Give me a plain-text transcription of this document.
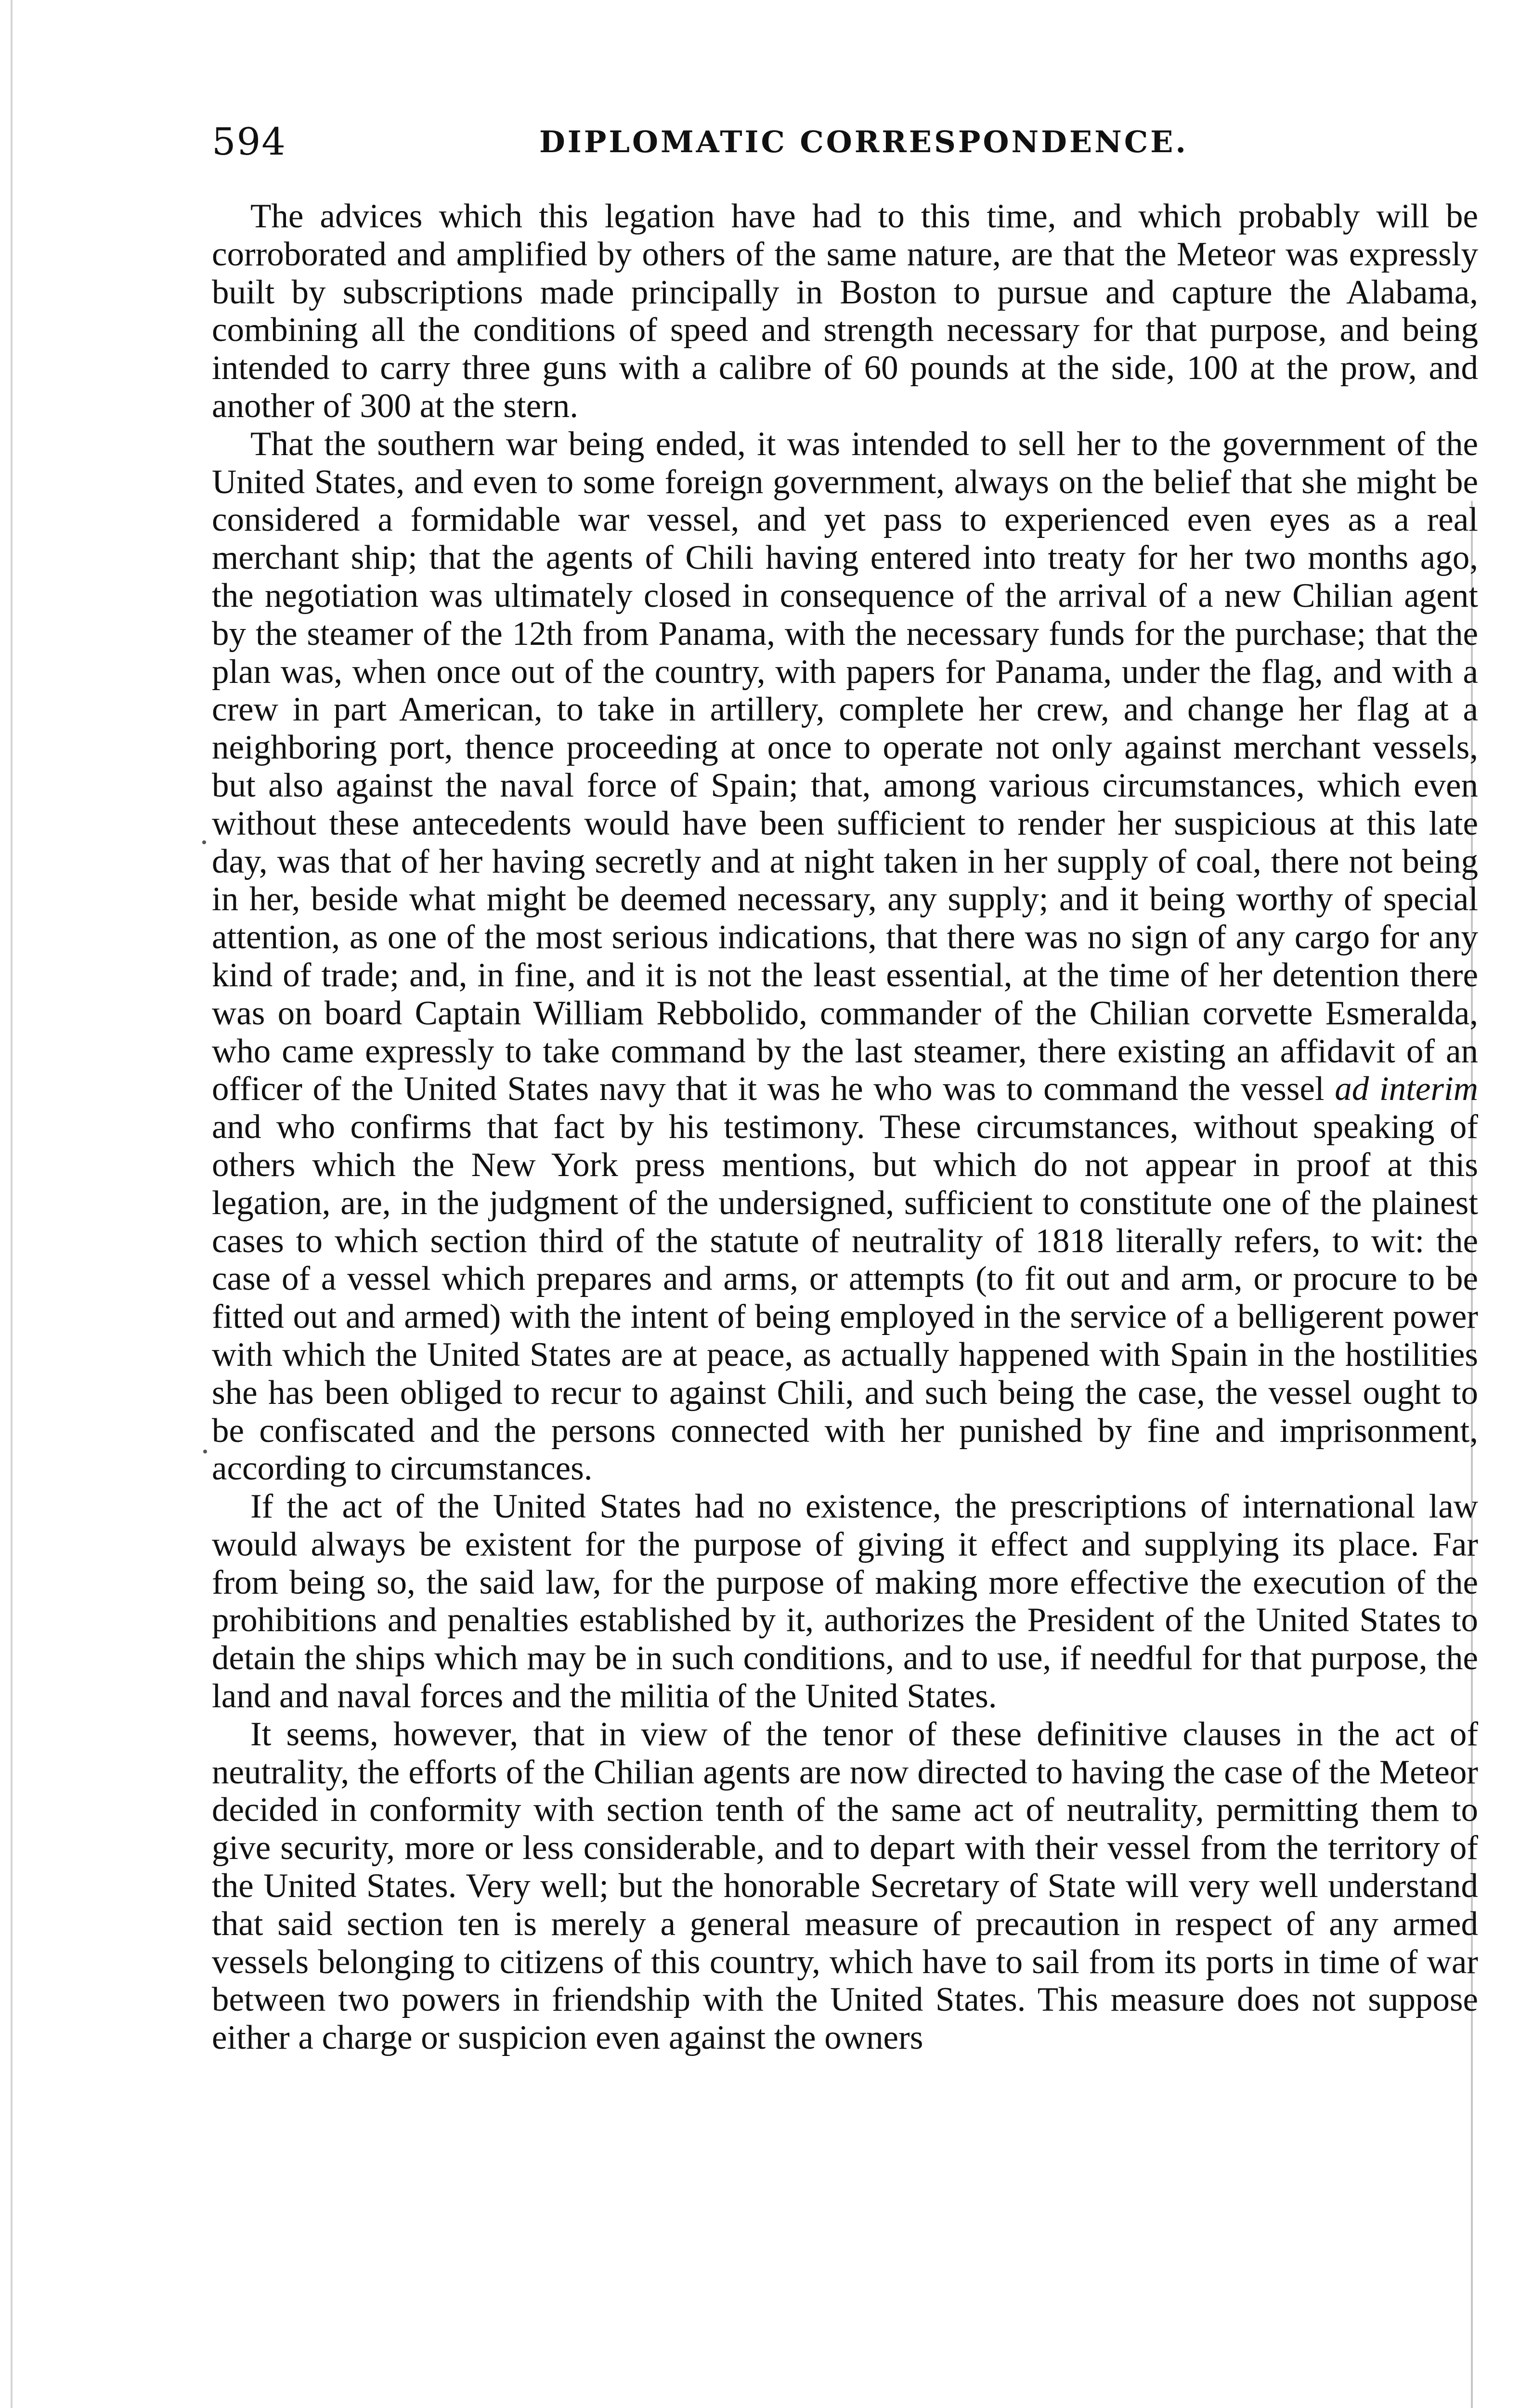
594	DIPLOMATIC CORRESPONDENCE.

The advices which this legation have had to this time, and which probably will be corroborated and amplified by others of the same nature, are that the Meteor was expressly built by subscriptions made principally in Boston to pursue and capture the Alabama, combining all the conditions of speed and strength necessary for that purpose, and being intended to carry three guns with a calibre of 60 pounds at the side, 100 at the prow, and another of 300 at the stern.

That the southern war being ended, it was intended to sell her to the government of the United States, and even to some foreign government, always on the belief that she might be considered a formidable war vessel, and yet pass to experienced even eyes as a real merchant ship; that the agents of Chili having entered into treaty for her two months ago, the negotiation was ultimately closed in consequence of the arrival of a new Chilian agent by the steamer of the 12th from Panama, with the necessary funds for the purchase; that the plan was, when once out of the country, with papers for Panama, under the flag, and with a crew in part American, to take in artillery, complete her crew, and change her flag at a neighboring port, thence proceeding at once to operate not only against merchant vessels, but also against the naval force of Spain; that, among various circumstances, which even without these antecedents would have been sufficient to render her suspicious at this late day, was that of her having secretly and at night taken in her supply of coal, there not being in her, beside what might be deemed necessary, any supply; and it being worthy of special attention, as one of the most serious indications, that there was no sign of any cargo for any kind of trade; and, in fine, and it is not the least essential, at the time of her detention there was on board Captain William Rebbolido, commander of the Chilian corvette Esmeralda, who came expressly to take command by the last steamer, there existing an affidavit of an officer of the United States navy that it was he who was to command the vessel ad interim and who confirms that fact by his testimony. These circumstances, without speaking of others which the New York press mentions, but which do not appear in proof at this legation, are, in the judgment of the undersigned, sufficient to constitute one of the plainest cases to which section third of the statute of neutrality of 1818 literally refers, to wit: the case of a vessel which prepares and arms, or attempts (to fit out and arm, or procure to be fitted out and armed) with the intent of being employed in the service of a belligerent power with which the United States are at peace, as actually happened with Spain in the hostilities she has been obliged to recur to against Chili, and such being the case, the vessel ought to be confiscated and the persons connected with her punished by fine and imprisonment, according to circumstances.

If the act of the United States had no existence, the prescriptions of international law would always be existent for the purpose of giving it effect and supplying its place. Far from being so, the said law, for the purpose of making more effective the execution of the prohibitions and penalties established by it, authorizes the President of the United States to detain the ships which may be in such conditions, and to use, if needful for that purpose, the land and naval forces and the militia of the United States.

It seems, however, that in view of the tenor of these definitive clauses in the act of neutrality, the efforts of the Chilian agents are now directed to having the case of the Meteor decided in conformity with section tenth of the same act of neutrality, permitting them to give security, more or less considerable, and to depart with their vessel from the territory of the United States. Very well; but the honorable Secretary of State will very well understand that said section ten is merely a general measure of precaution in respect of any armed vessels belonging to citizens of this country, which have to sail from its ports in time of war between two powers in friendship with the United States. This measure does not suppose either a charge or suspicion even against the owners
